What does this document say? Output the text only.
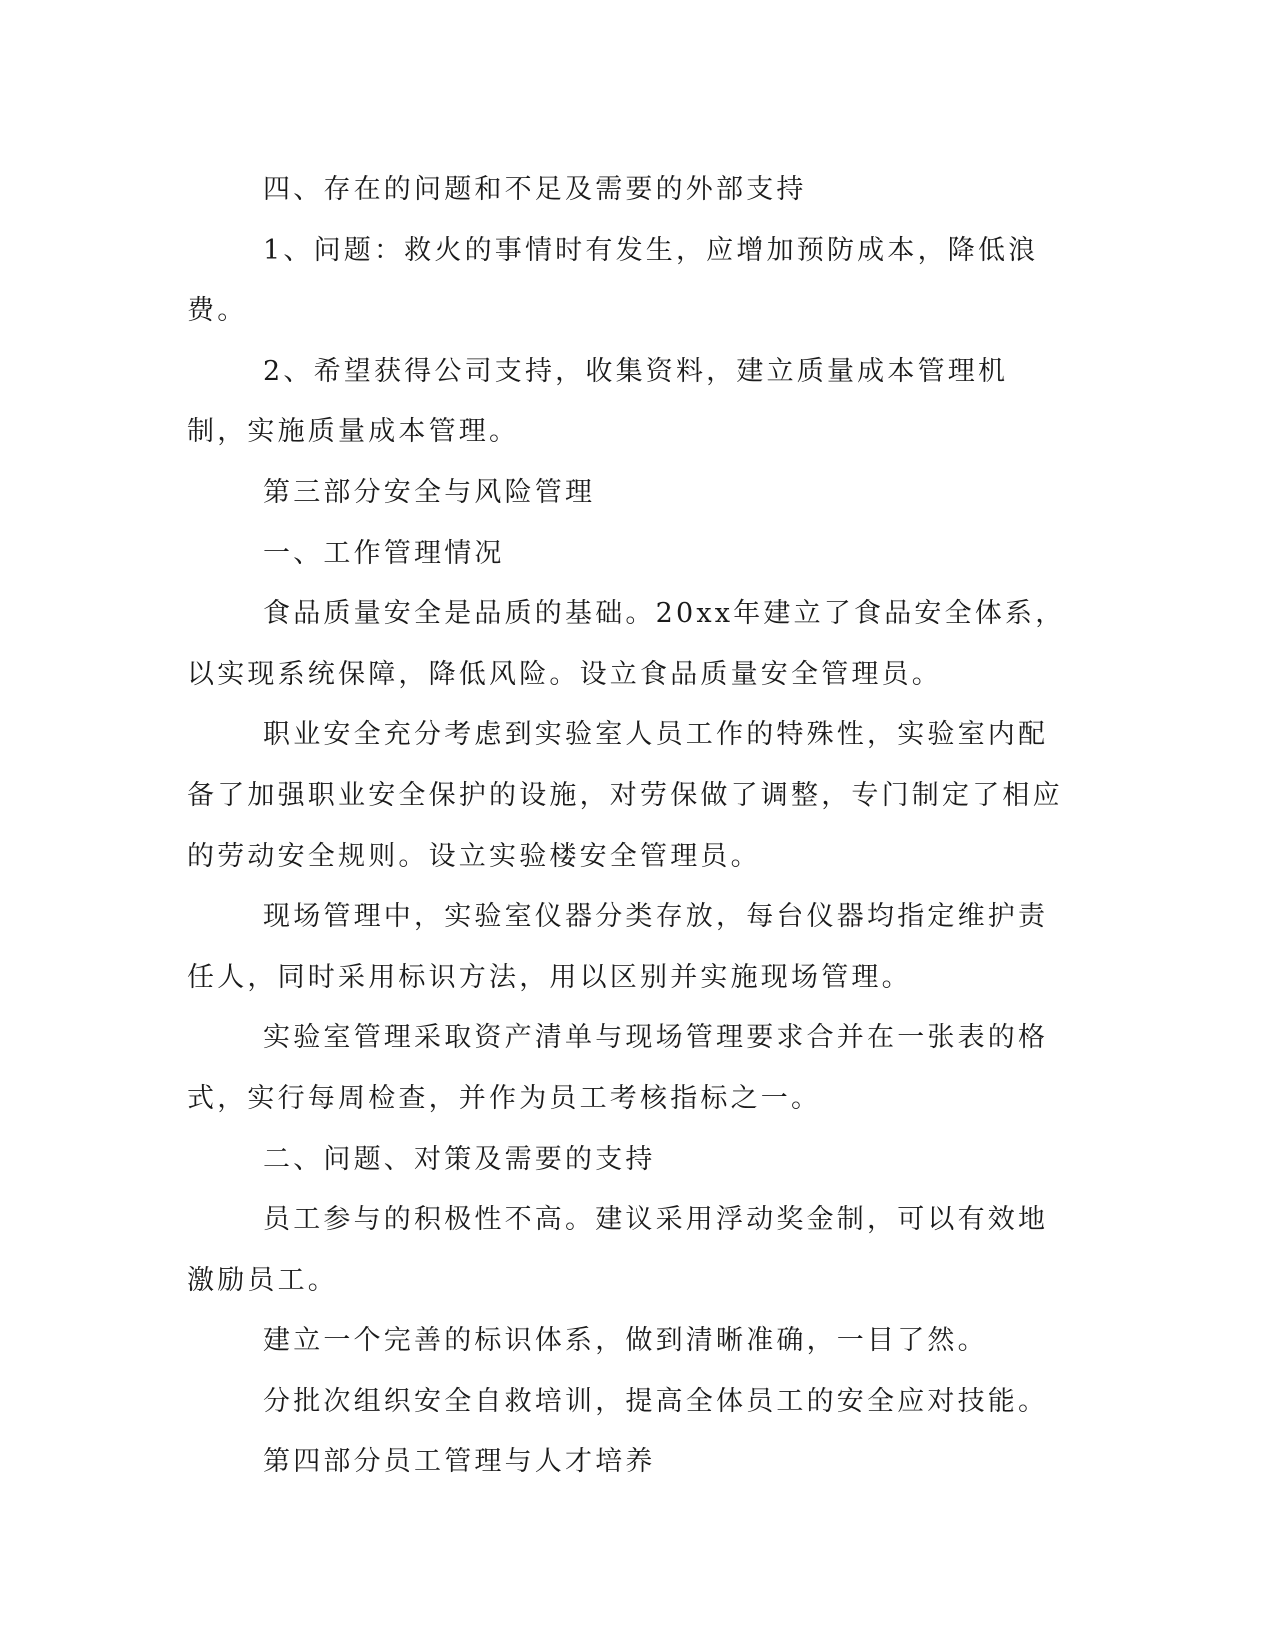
四、存在的问题和不足及需要的外部支持

1、问题：救火的事情时有发生，应增加预防成本，降低浪费。

2、希望获得公司支持，收集资料，建立质量成本管理机制，实施质量成本管理。

第三部分安全与风险管理

一、工作管理情况

食品质量安全是品质的基础。20xx年建立了食品安全体系，以实现系统保障，降低风险。设立食品质量安全管理员。

职业安全充分考虑到实验室人员工作的特殊性，实验室内配备了加强职业安全保护的设施，对劳保做了调整，专门制定了相应的劳动安全规则。设立实验楼安全管理员。

现场管理中，实验室仪器分类存放，每台仪器均指定维护责任人，同时采用标识方法，用以区别并实施现场管理。

实验室管理采取资产清单与现场管理要求合并在一张表的格式，实行每周检查，并作为员工考核指标之一。

二、问题、对策及需要的支持

员工参与的积极性不高。建议采用浮动奖金制，可以有效地激励员工。

建立一个完善的标识体系，做到清晰准确，一目了然。

分批次组织安全自救培训，提高全体员工的安全应对技能。

第四部分员工管理与人才培养
